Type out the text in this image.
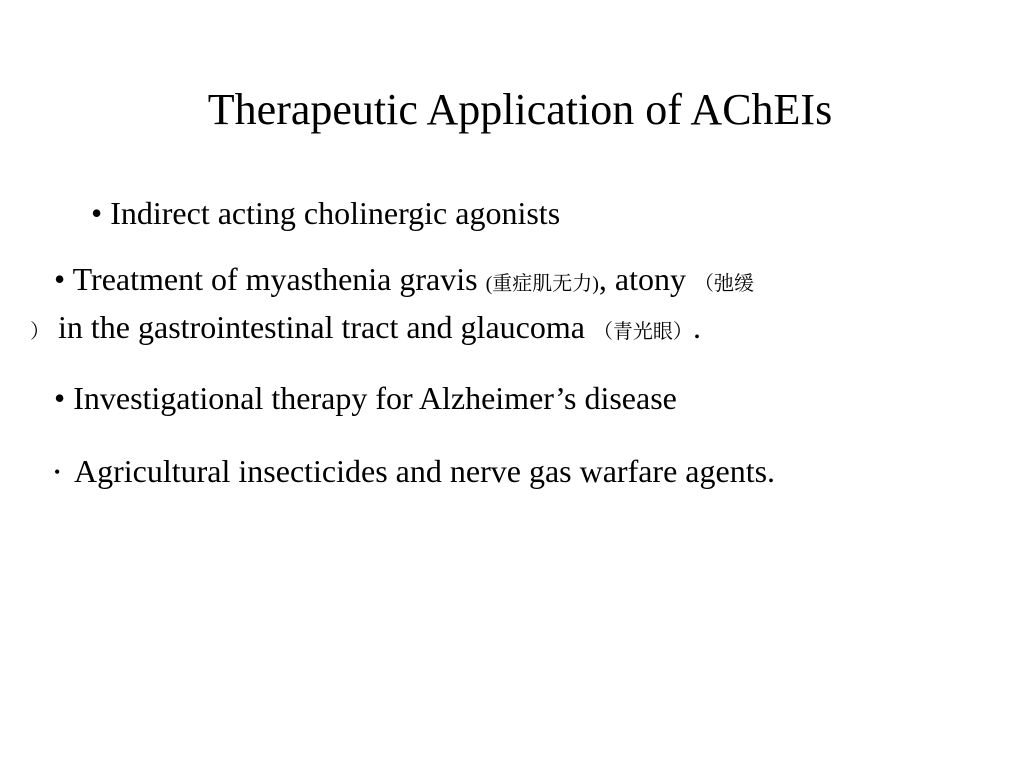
Therapeutic Application of AChEIs
• Indirect acting cholinergic agonists
• Treatment of myasthenia gravis (重症肌无力), atony （弛缓
） in the gastrointestinal tract and glaucoma （青光眼）.
• Investigational therapy for Alzheimer’s disease
• Agricultural insecticides and nerve gas warfare agents.
